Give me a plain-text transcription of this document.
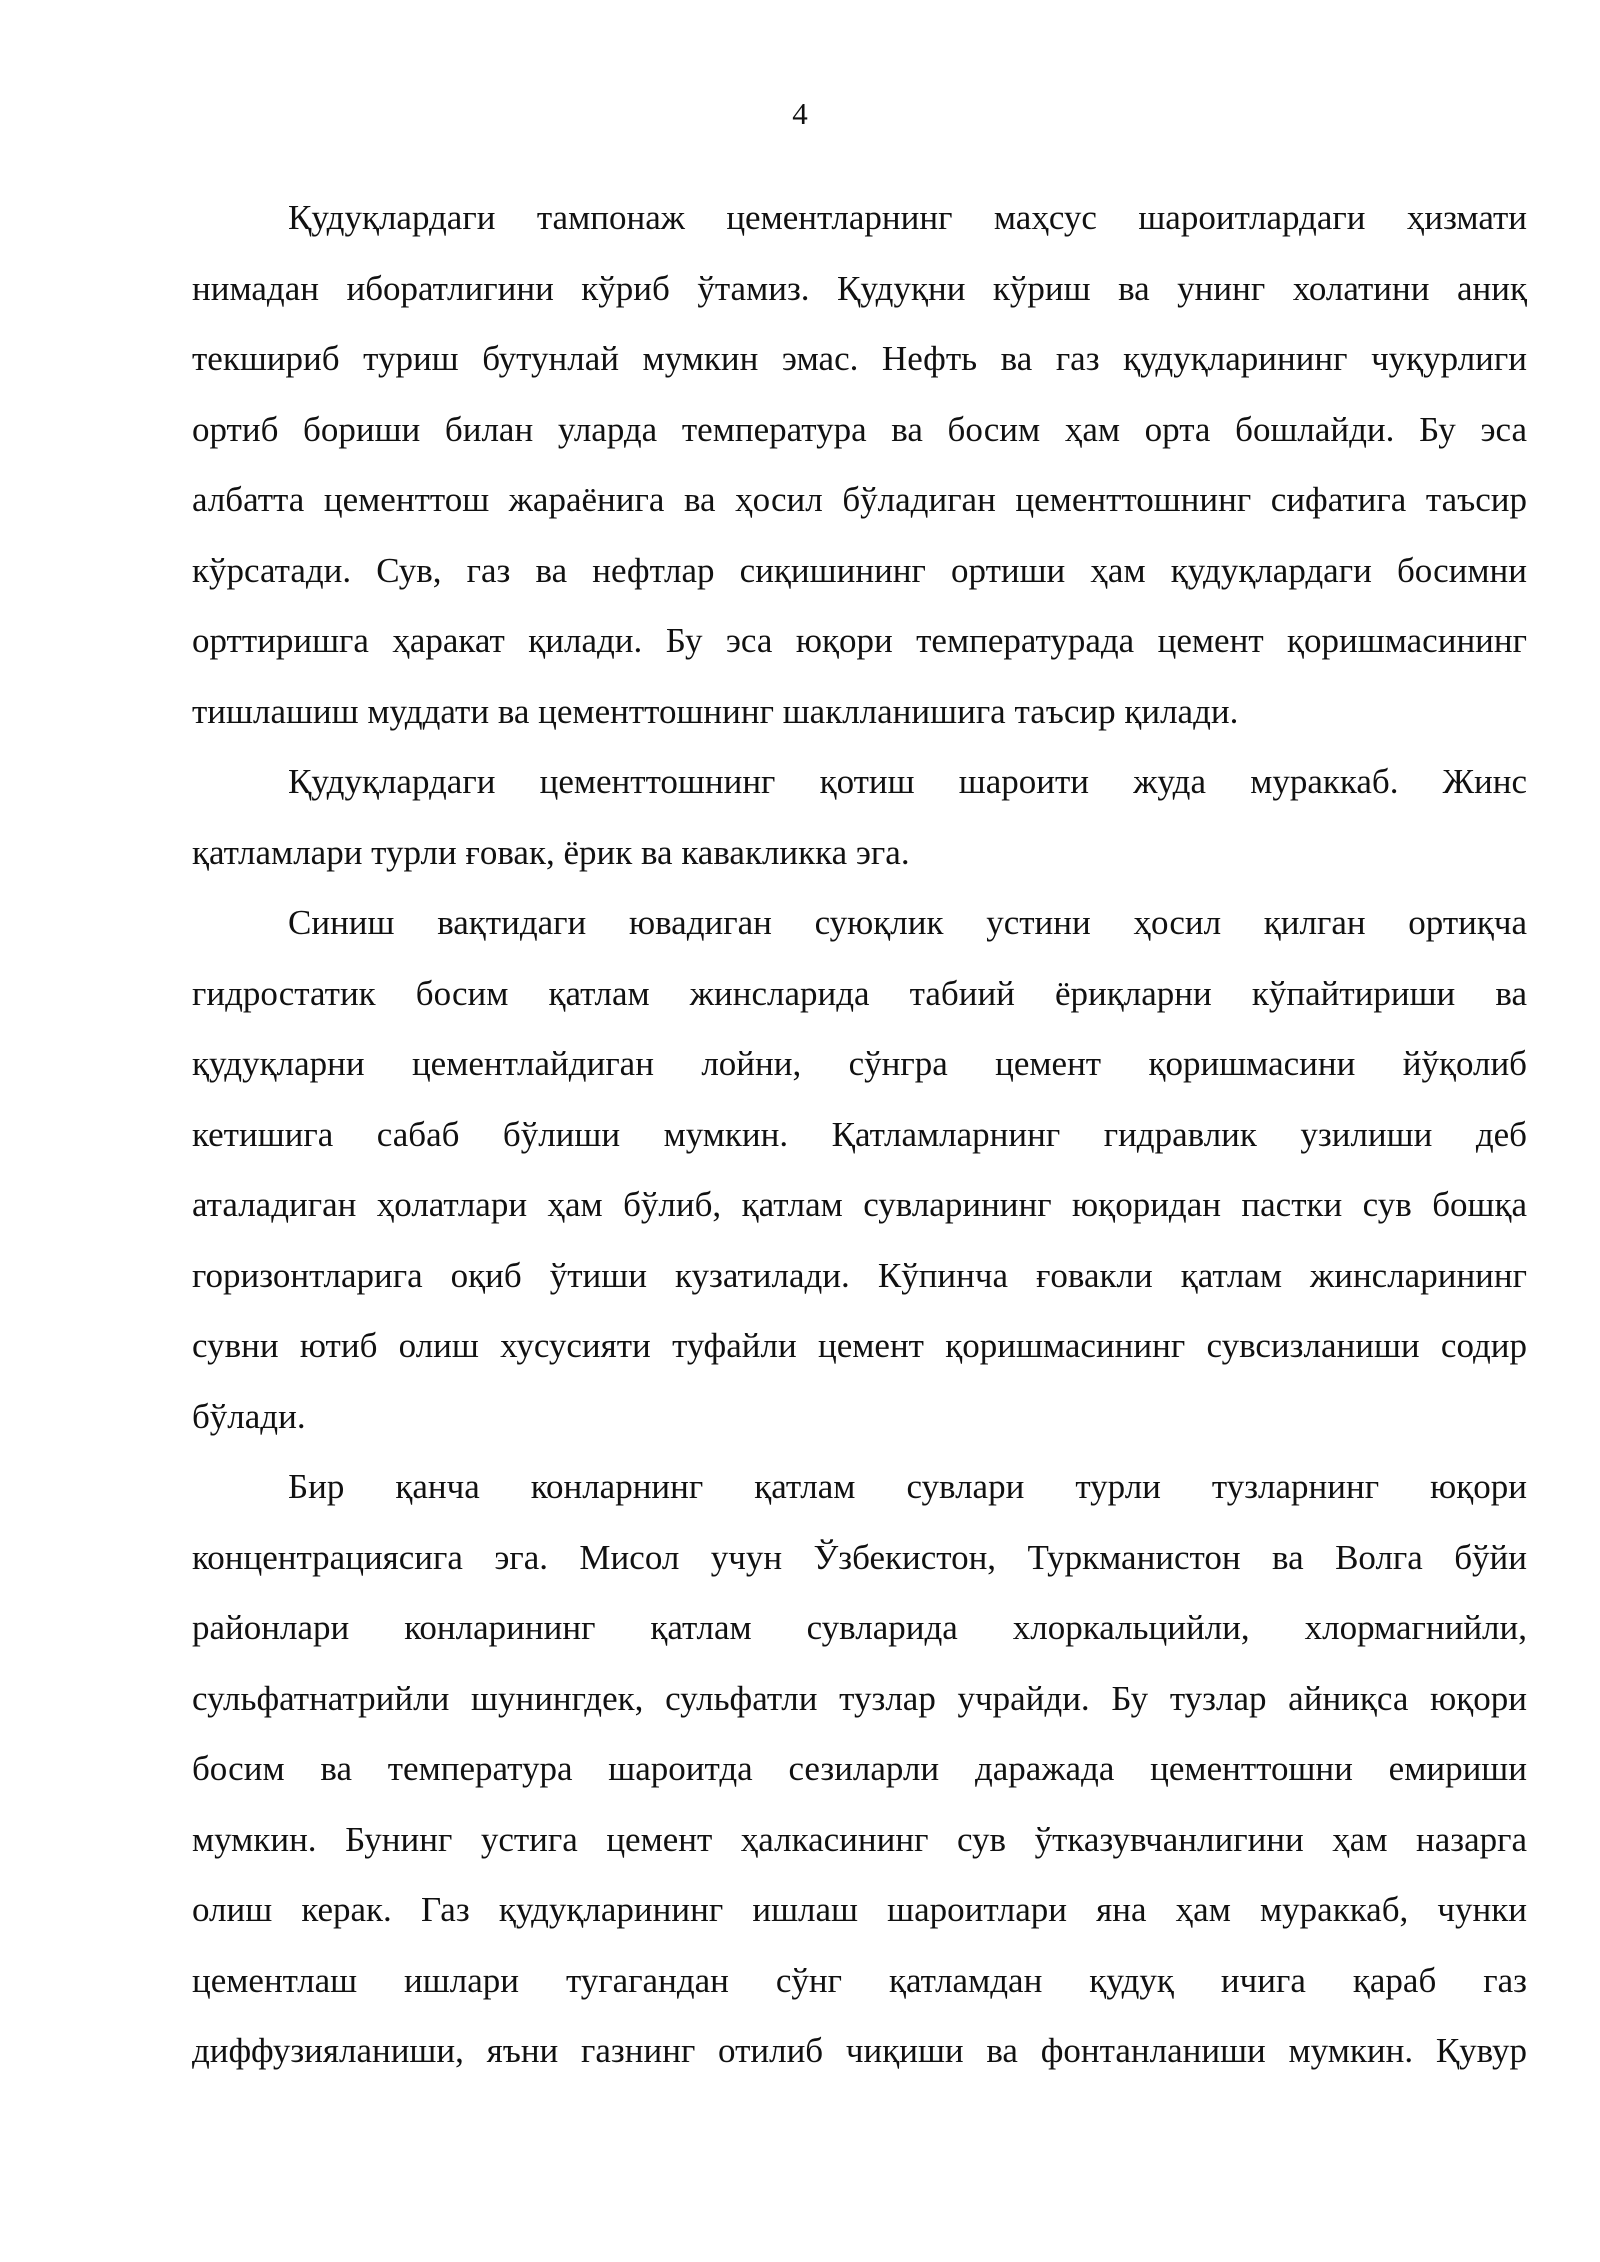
4
Қудуқлардаги тампонаж цементларнинг маҳсус шароитлардаги ҳизмати
нимадан иборатлигини кўриб ўтамиз. Қудуқни кўриш ва унинг холатини аниқ
текшириб туриш бутунлай мумкин эмас. Нефть ва газ қудуқларининг чуқурлиги
ортиб бориши билан уларда температура ва босим ҳам орта бошлайди. Бу эса
албатта цементтош жараёнига ва ҳосил бўладиган цементтошнинг сифатига таъсир
кўрсатади. Сув, газ ва нефтлар сиқишининг ортиши ҳам қудуқлардаги босимни
орттиришга ҳаракат қилади. Бу эса юқори температурада цемент қоришмасининг
тишлашиш муддати ва цементтошнинг шаклланишига таъсир қилади.
Қудуқлардаги цементтошнинг қотиш шароити жуда мураккаб. Жинс
қатламлари турли ғовак, ёрик ва кавакликка эга.
Синиш вақтидаги ювадиган суюқлик устини ҳосил қилган ортиқча
гидростатик босим қатлам жинсларида табиий ёриқларни кўпайтириши ва
қудуқларни цементлайдиган лойни, сўнгра цемент қоришмасини йўқолиб
кетишига сабаб бўлиши мумкин. Қатламларнинг гидравлик узилиши деб
аталадиган ҳолатлари ҳам бўлиб, қатлам сувларининг юқоридан пастки сув бошқа
горизонтларига оқиб ўтиши кузатилади. Кўпинча ғовакли қатлам жинсларининг
сувни ютиб олиш хусусияти туфайли цемент қоришмасининг сувсизланиши содир
бўлади.
Бир қанча конларнинг қатлам сувлари турли тузларнинг юқори
концентрациясига эга. Мисол учун Ўзбекистон, Туркманистон ва Волга бўйи
районлари конларининг қатлам сувларида хлоркальцийли, хлормагнийли,
сульфатнатрийли шунингдек, сульфатли тузлар учрайди. Бу тузлар айниқса юқори
босим ва температура шароитда сезиларли даражада цементтошни емириши
мумкин. Бунинг устига цемент ҳалкасининг сув ўтказувчанлигини ҳам назарга
олиш керак. Газ қудуқларининг ишлаш шароитлари яна ҳам мураккаб, чунки
цементлаш ишлари тугагандан сўнг қатламдан қудуқ ичига қараб газ
диффузияланиши, яъни газнинг отилиб чиқиши ва фонтанланиши мумкин. Қувур
